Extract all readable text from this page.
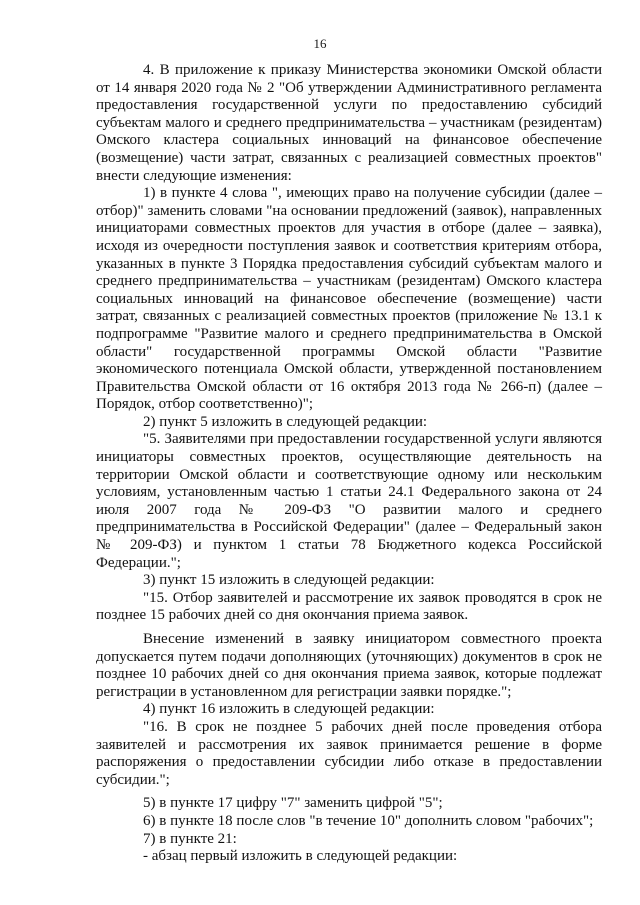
16

4. В приложение к приказу Министерства экономики Омской области от 14 января 2020 года № 2 "Об утверждении Административного регламента предоставления государственной услуги по предоставлению субсидий субъектам малого и среднего предпринимательства – участникам (резидентам) Омского кластера социальных инноваций на финансовое обеспечение (возмещение) части затрат, связанных с реализацией совместных проектов" внести следующие изменения:

1) в пункте 4 слова ", имеющих право на получение субсидии (далее – отбор)" заменить словами "на основании предложений (заявок), направленных инициаторами совместных проектов для участия в отборе (далее – заявка), исходя из очередности поступления заявок и соответствия критериям отбора, указанных в пункте 3 Порядка предоставления субсидий субъектам малого и среднего предпринимательства – участникам (резидентам) Омского кластера социальных инноваций на финансовое обеспечение (возмещение) части затрат, связанных с реализацией совместных проектов (приложение № 13.1 к подпрограмме "Развитие малого и среднего предпринимательства в Омской области" государственной программы Омской области "Развитие экономического потенциала Омской области, утвержденной постановлением Правительства Омской области от 16 октября 2013 года № 266-п) (далее – Порядок, отбор соответственно)";

2) пункт 5 изложить в следующей редакции:

"5. Заявителями при предоставлении государственной услуги являются инициаторы совместных проектов, осуществляющие деятельность на территории Омской области и соответствующие одному или нескольким условиям, установленным частью 1 статьи 24.1 Федерального закона от 24 июля 2007 года № 209-ФЗ "О развитии малого и среднего предпринимательства в Российской Федерации" (далее – Федеральный закон № 209-ФЗ) и пунктом 1 статьи 78 Бюджетного кодекса Российской Федерации.";

3) пункт 15 изложить в следующей редакции:

"15. Отбор заявителей и рассмотрение их заявок проводятся в срок не позднее 15 рабочих дней со дня окончания приема заявок.

Внесение изменений в заявку инициатором совместного проекта допускается путем подачи дополняющих (уточняющих) документов в срок не позднее 10 рабочих дней со дня окончания приема заявок, которые подлежат регистрации в установленном для регистрации заявки порядке.";

4) пункт 16 изложить в следующей редакции:

"16. В срок не позднее 5 рабочих дней после проведения отбора заявителей и рассмотрения их заявок принимается решение в форме распоряжения о предоставлении субсидии либо отказе в предоставлении субсидии.";

5) в пункте 17 цифру "7" заменить цифрой "5";

6) в пункте 18 после слов "в течение 10" дополнить словом "рабочих";

7) в пункте 21:

- абзац первый изложить в следующей редакции:
